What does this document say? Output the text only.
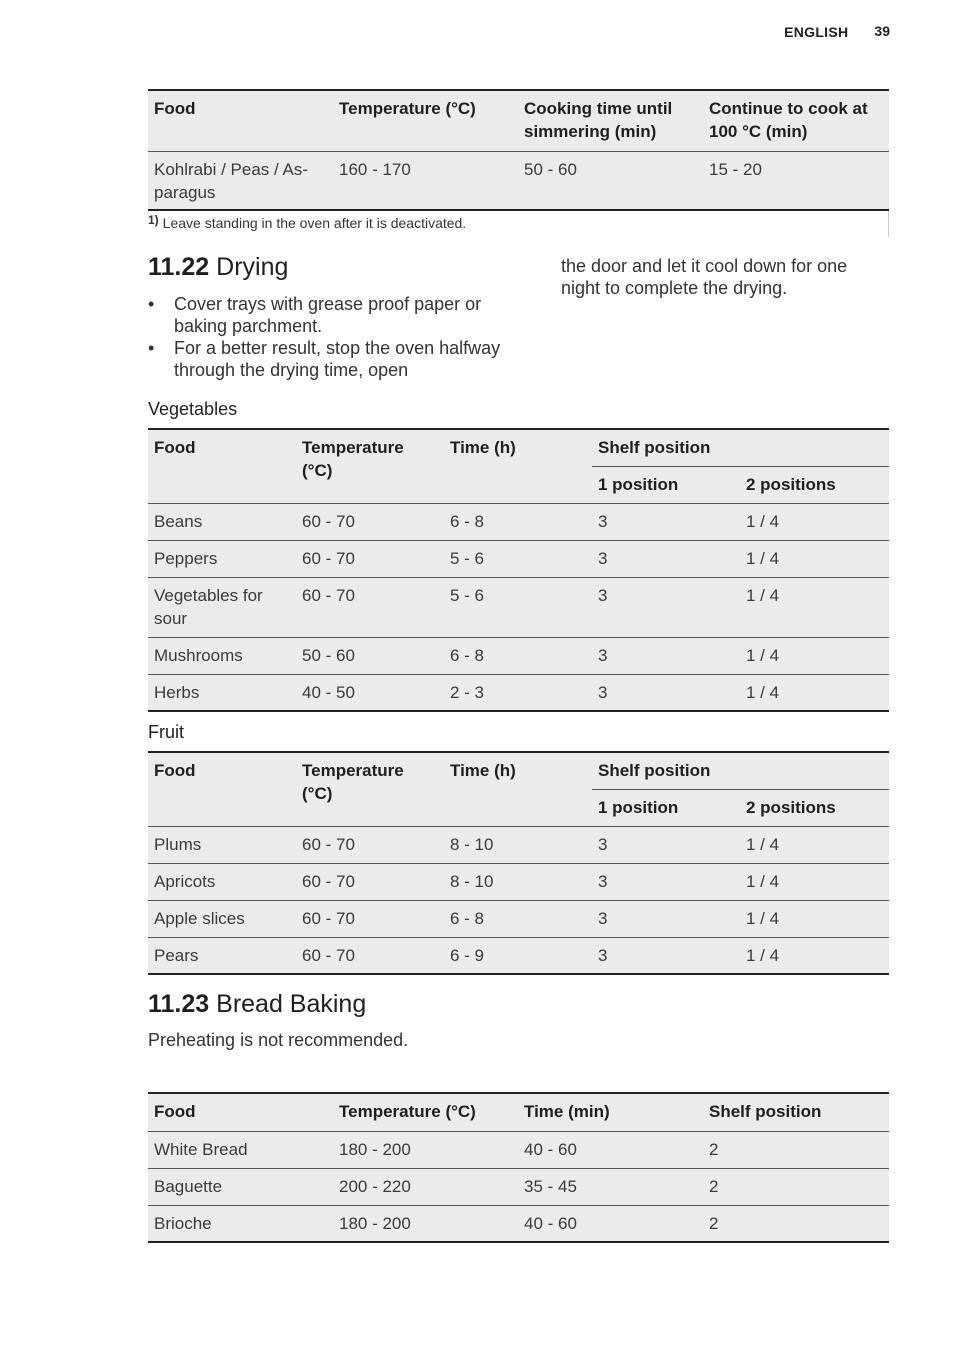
ENGLISH 39
Food	Temperature (°C)	Cooking time until simmering (min)	Continue to cook at 100 °C (min)
Kohlrabi / Peas / As-paragus	160 - 170	50 - 60	15 - 20
$^{1)}$ Leave standing in the oven after it is deactivated.
11.22 Drying
• Cover trays with grease proof paper or baking parchment.
• For a better result, stop the oven halfway through the drying time, open
the door and let it cool down for one night to complete the drying.
Vegetables
Food	Temperature (°C)	Time (h)	Shelf position	
			1 position	2 positions
Beans	60 - 70	6 - 8	3	1 / 4
Peppers	60 - 70	5 - 6	3	1 / 4
Vegetables for sour	60 - 70	5 - 6	3	1 / 4
Mushrooms	50 - 60	6 - 8	3	1 / 4
Herbs	40 - 50	2 - 3	3	1 / 4
Fruit
Food	Temperature (°C)	Time (h)	Shelf position	
			1 position	2 positions
Plums	60 - 70	8 - 10	3	1 / 4
Apricots	60 - 70	8 - 10	3	1 / 4
Apple slices	60 - 70	6 - 8	3	1 / 4
Pears	60 - 70	6 - 9	3	1 / 4
11.23 Bread Baking
Preheating is not recommended.
Food	Temperature (°C)	Time (min)	Shelf position
White Bread	180 - 200	40 - 60	2
Baguette	200 - 220	35 - 45	2
Brioche	180 - 200	40 - 60	2
